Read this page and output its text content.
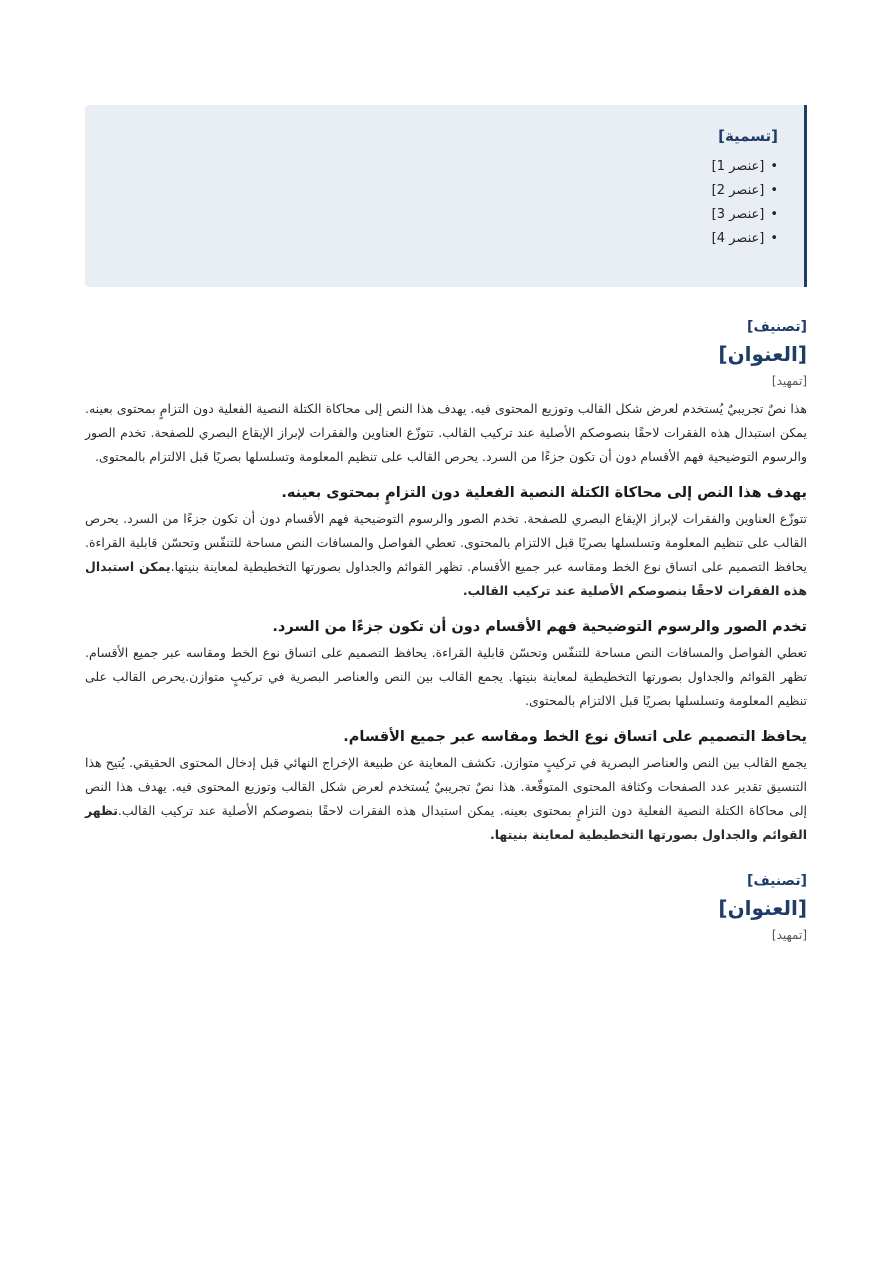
[تسمية]

• [عنصر 1]
• [عنصر 2]
• [عنصر 3]
• [عنصر 4]

[تصنيف]

[العنوان]

[تمهيد]

هذا نصٌ تجريبيٌ يُستخدم لعرض شكل القالب وتوزيع المحتوى فيه. يهدف هذا النص إلى محاكاة الكتلة النصية الفعلية دون التزامٍ بمحتوى بعينه. يمكن استبدال هذه الفقرات لاحقًا بنصوصكم الأصلية عند تركيب القالب. تتوزّع العناوين والفقرات لإبراز الإيقاع البصري للصفحة. تخدم الصور والرسوم التوضيحية فهم الأقسام دون أن تكون جزءًا من السرد. يحرص القالب على تنظيم المعلومة وتسلسلها بصريًا قبل الالتزام بالمحتوى.

يهدف هذا النص إلى محاكاة الكتلة النصية الفعلية دون التزامٍ بمحتوى بعينه.

تتوزّع العناوين والفقرات لإبراز الإيقاع البصري للصفحة. تخدم الصور والرسوم التوضيحية فهم الأقسام دون أن تكون جزءًا من السرد. يحرص القالب على تنظيم المعلومة وتسلسلها بصريًا قبل الالتزام بالمحتوى. تعطي الفواصل والمسافات النص مساحة للتنفّس وتحسّن قابلية القراءة. يحافظ التصميم على اتساق نوع الخط ومقاسه عبر جميع الأقسام. تظهر القوائم والجداول بصورتها التخطيطية لمعاينة بنيتها.يمكن استبدال هذه الفقرات لاحقًا بنصوصكم الأصلية عند تركيب القالب.

تخدم الصور والرسوم التوضيحية فهم الأقسام دون أن تكون جزءًا من السرد.

تعطي الفواصل والمسافات النص مساحة للتنفّس وتحسّن قابلية القراءة. يحافظ التصميم على اتساق نوع الخط ومقاسه عبر جميع الأقسام. تظهر القوائم والجداول بصورتها التخطيطية لمعاينة بنيتها. يجمع القالب بين النص والعناصر البصرية في تركيبٍ متوازن.يحرص القالب على تنظيم المعلومة وتسلسلها بصريًا قبل الالتزام بالمحتوى.

يحافظ التصميم على اتساق نوع الخط ومقاسه عبر جميع الأقسام.

يجمع القالب بين النص والعناصر البصرية في تركيبٍ متوازن. تكشف المعاينة عن طبيعة الإخراج النهائي قبل إدخال المحتوى الحقيقي. يُتيح هذا التنسيق تقدير عدد الصفحات وكثافة المحتوى المتوقّعة. هذا نصٌ تجريبيٌ يُستخدم لعرض شكل القالب وتوزيع المحتوى فيه. يهدف هذا النص إلى محاكاة الكتلة النصية الفعلية دون التزامٍ بمحتوى بعينه. يمكن استبدال هذه الفقرات لاحقًا بنصوصكم الأصلية عند تركيب القالب.تظهر القوائم والجداول بصورتها التخطيطية لمعاينة بنيتها.

[تصنيف]

[العنوان]

[تمهيد]
